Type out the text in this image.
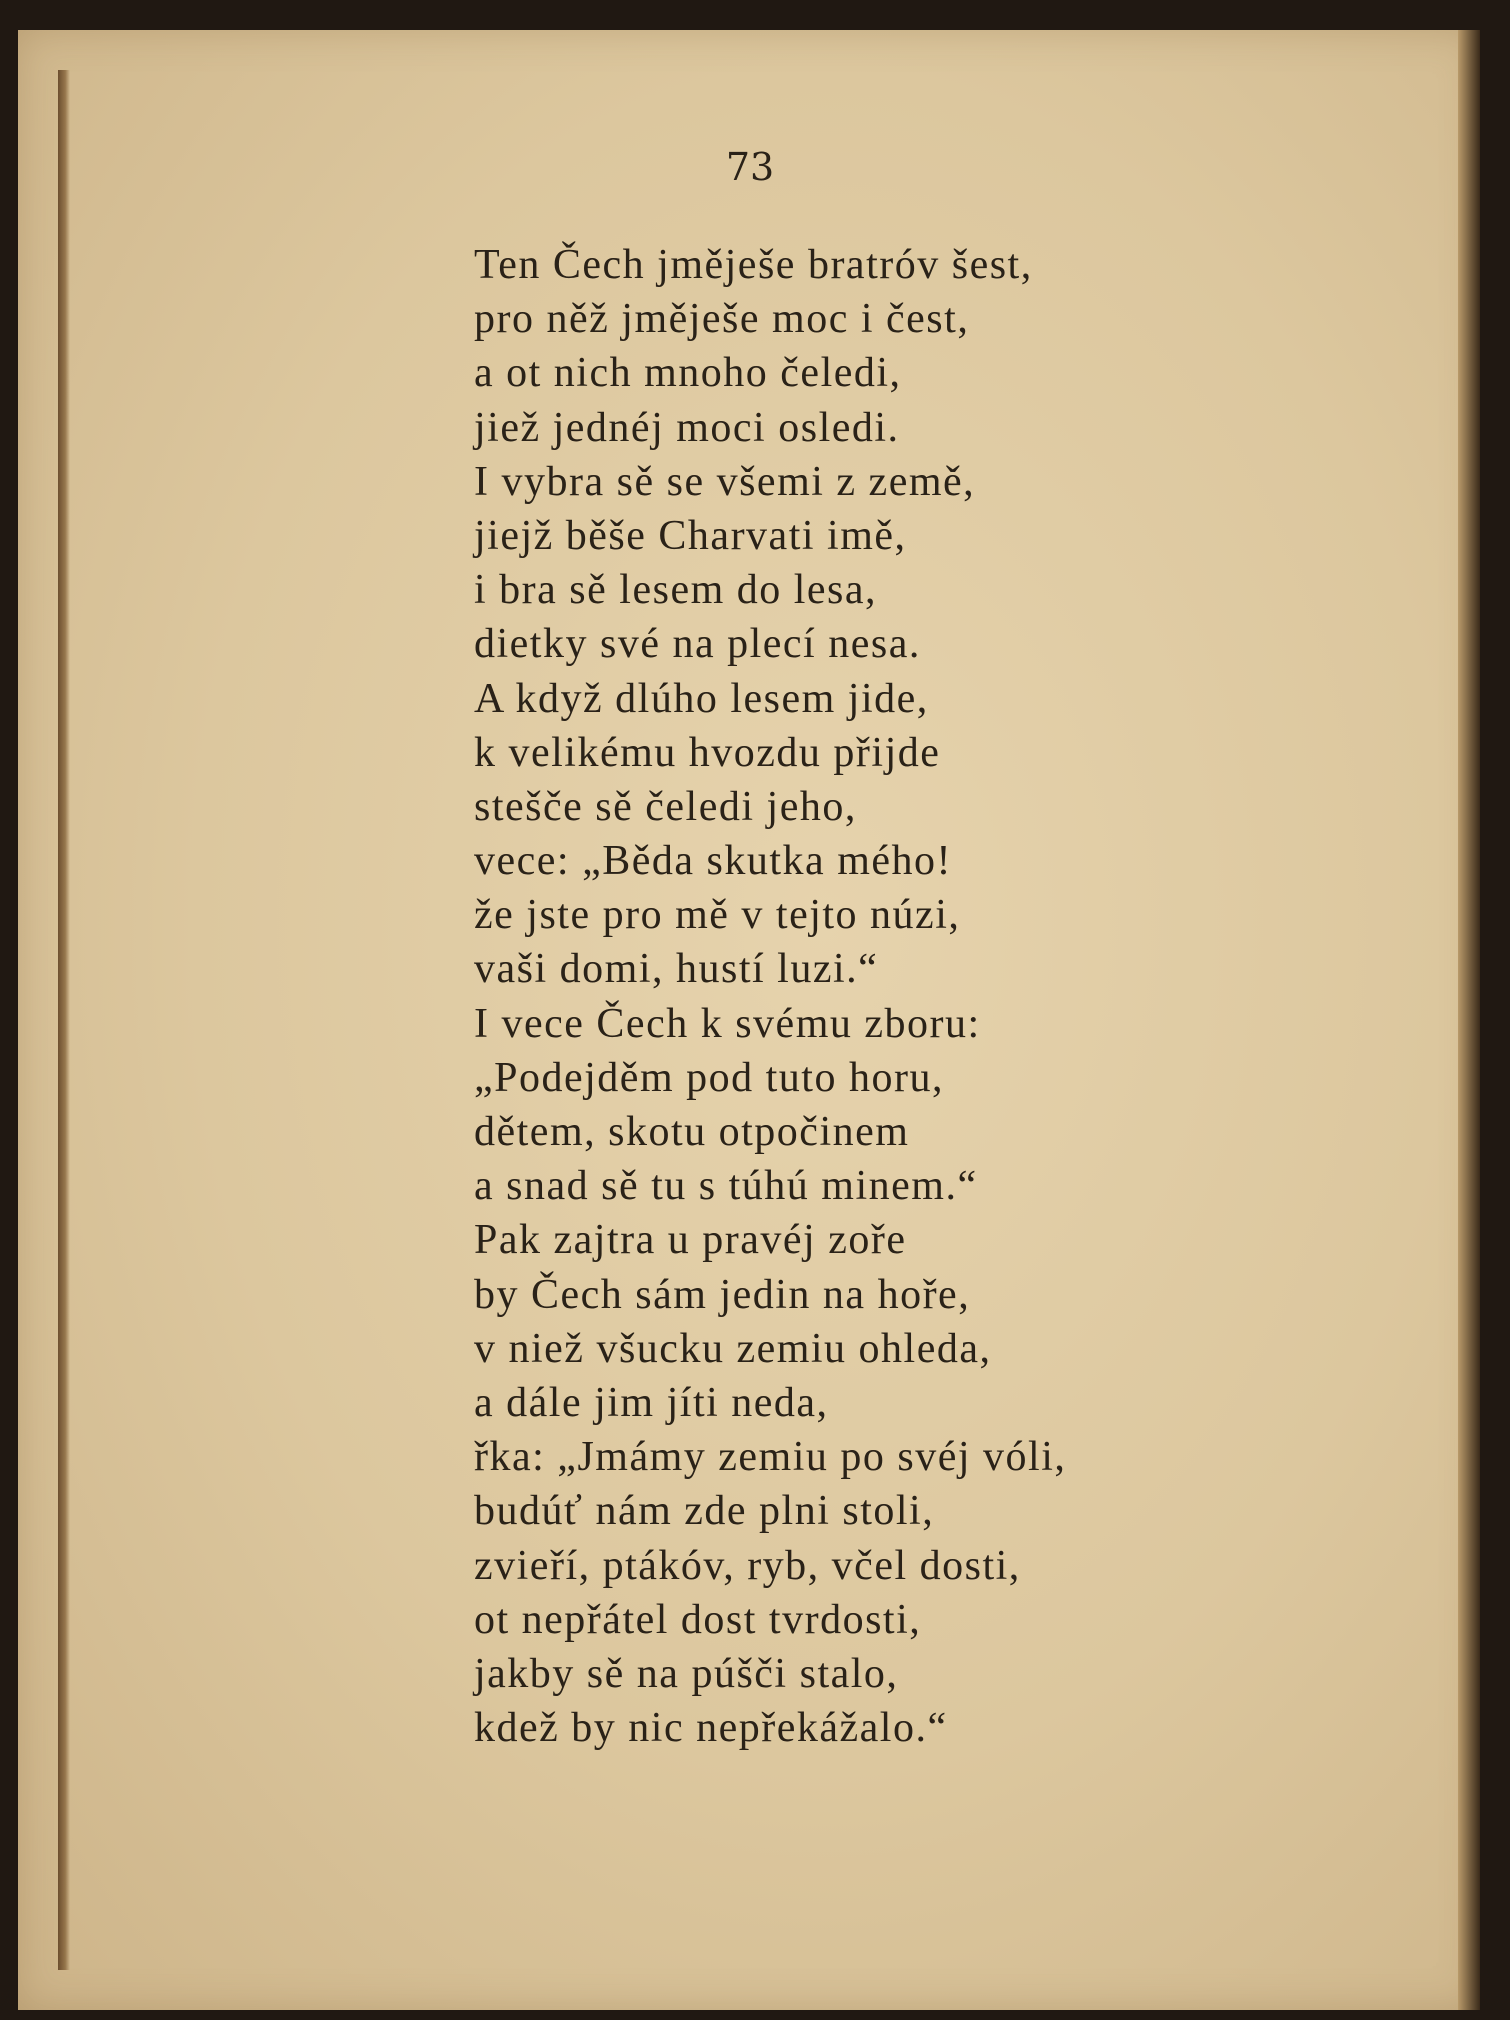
73
Ten Čech jměješe bratróv šest,
pro něž jměješe moc i čest,
a ot nich mnoho čeledi,
jiež jednéj moci osledi.
I vybra sě se všemi z země,
jiejž běše Charvati imě,
i bra sě lesem do lesa,
dietky své na plecí nesa.
A když dlúho lesem jide,
k velikému hvozdu přijde
stešče sě čeledi jeho,
vece: „Běda skutka mého!
že jste pro mě v tejto núzi,
vaši domi, hustí luzi.“
I vece Čech k svému zboru:
„Podejděm pod tuto horu,
dětem, skotu otpočinem
a snad sě tu s túhú minem.“
Pak zajtra u pravéj zoře
by Čech sám jedin na hoře,
v niež všucku zemiu ohleda,
a dále jim jíti neda,
řka: „Jmámy zemiu po svéj vóli,
budúť nám zde plni stoli,
zvieří, ptákóv, ryb, včel dosti,
ot nepřátel dost tvrdosti,
jakby sě na púšči stalo,
kdež by nic nepřekážalo.“
